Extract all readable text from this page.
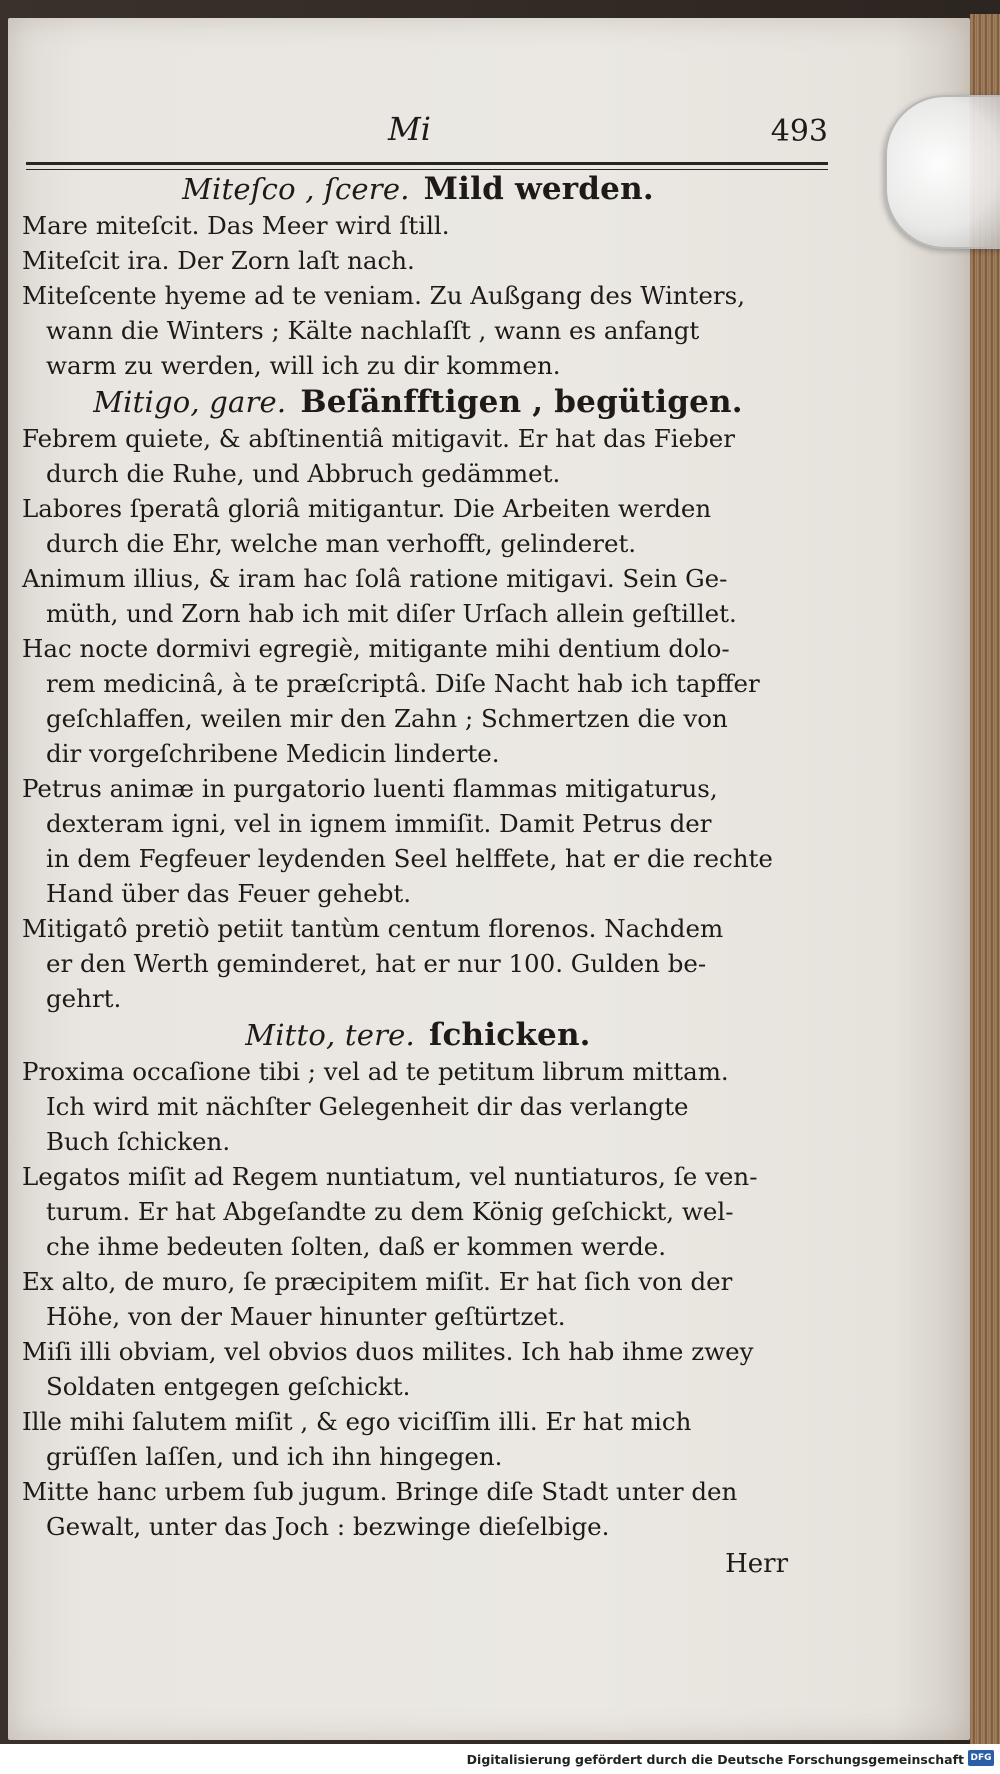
Mi	493
Miteſco , ſcere. Mild werden.
Mare miteſcit. Das Meer wird ſtill.
Miteſcit ira. Der Zorn laſt nach.
Miteſcente hyeme ad te veniam. Zu Außgang des Winters,
wann die Winters ; Kälte nachlaſſt , wann es anfangt
warm zu werden, will ich zu dir kommen.
Mitigo, gare. Beſänfftigen , begütigen.
Febrem quiete, & abſtinentiâ mitigavit. Er hat das Fieber
durch die Ruhe, und Abbruch gedämmet.
Labores ſperatâ gloriâ mitigantur. Die Arbeiten werden
durch die Ehr, welche man verhofft, gelinderet.
Animum illius, & iram hac ſolâ ratione mitigavi. Sein Ge-
müth, und Zorn hab ich mit diſer Urſach allein geſtillet.
Hac nocte dormivi egregiè, mitigante mihi dentium dolo-
rem medicinâ, à te præſcriptâ. Diſe Nacht hab ich tapffer
geſchlaffen, weilen mir den Zahn ; Schmertzen die von
dir vorgeſchribene Medicin linderte.
Petrus animæ in purgatorio luenti flammas mitigaturus,
dexteram igni, vel in ignem immiſit. Damit Petrus der
in dem Fegfeuer leydenden Seel helffete, hat er die rechte
Hand über das Feuer gehebt.
Mitigatô pretiò petiit tantùm centum florenos. Nachdem
er den Werth geminderet, hat er nur 100. Gulden be-
gehrt.
Mitto, tere. ſchicken.
Proxima occaſione tibi ; vel ad te petitum librum mittam.
Ich wird mit nächſter Gelegenheit dir das verlangte
Buch ſchicken.
Legatos miſit ad Regem nuntiatum, vel nuntiaturos, ſe ven-
turum. Er hat Abgeſandte zu dem König geſchickt, wel-
che ihme bedeuten ſolten, daß er kommen werde.
Ex alto, de muro, ſe præcipitem miſit. Er hat ſich von der
Höhe, von der Mauer hinunter geſtürtzet.
Miſi illi obviam, vel obvios duos milites. Ich hab ihme zwey
Soldaten entgegen geſchickt.
Ille mihi ſalutem miſit , & ego viciſſim illi. Er hat mich
grüſſen laſſen, und ich ihn hingegen.
Mitte hanc urbem ſub jugum. Bringe diſe Stadt unter den
Gewalt, unter das Joch : bezwinge dieſelbige.
Herr
Digitalisierung gefördert durch die Deutsche Forschungsgemeinschaft DFG
